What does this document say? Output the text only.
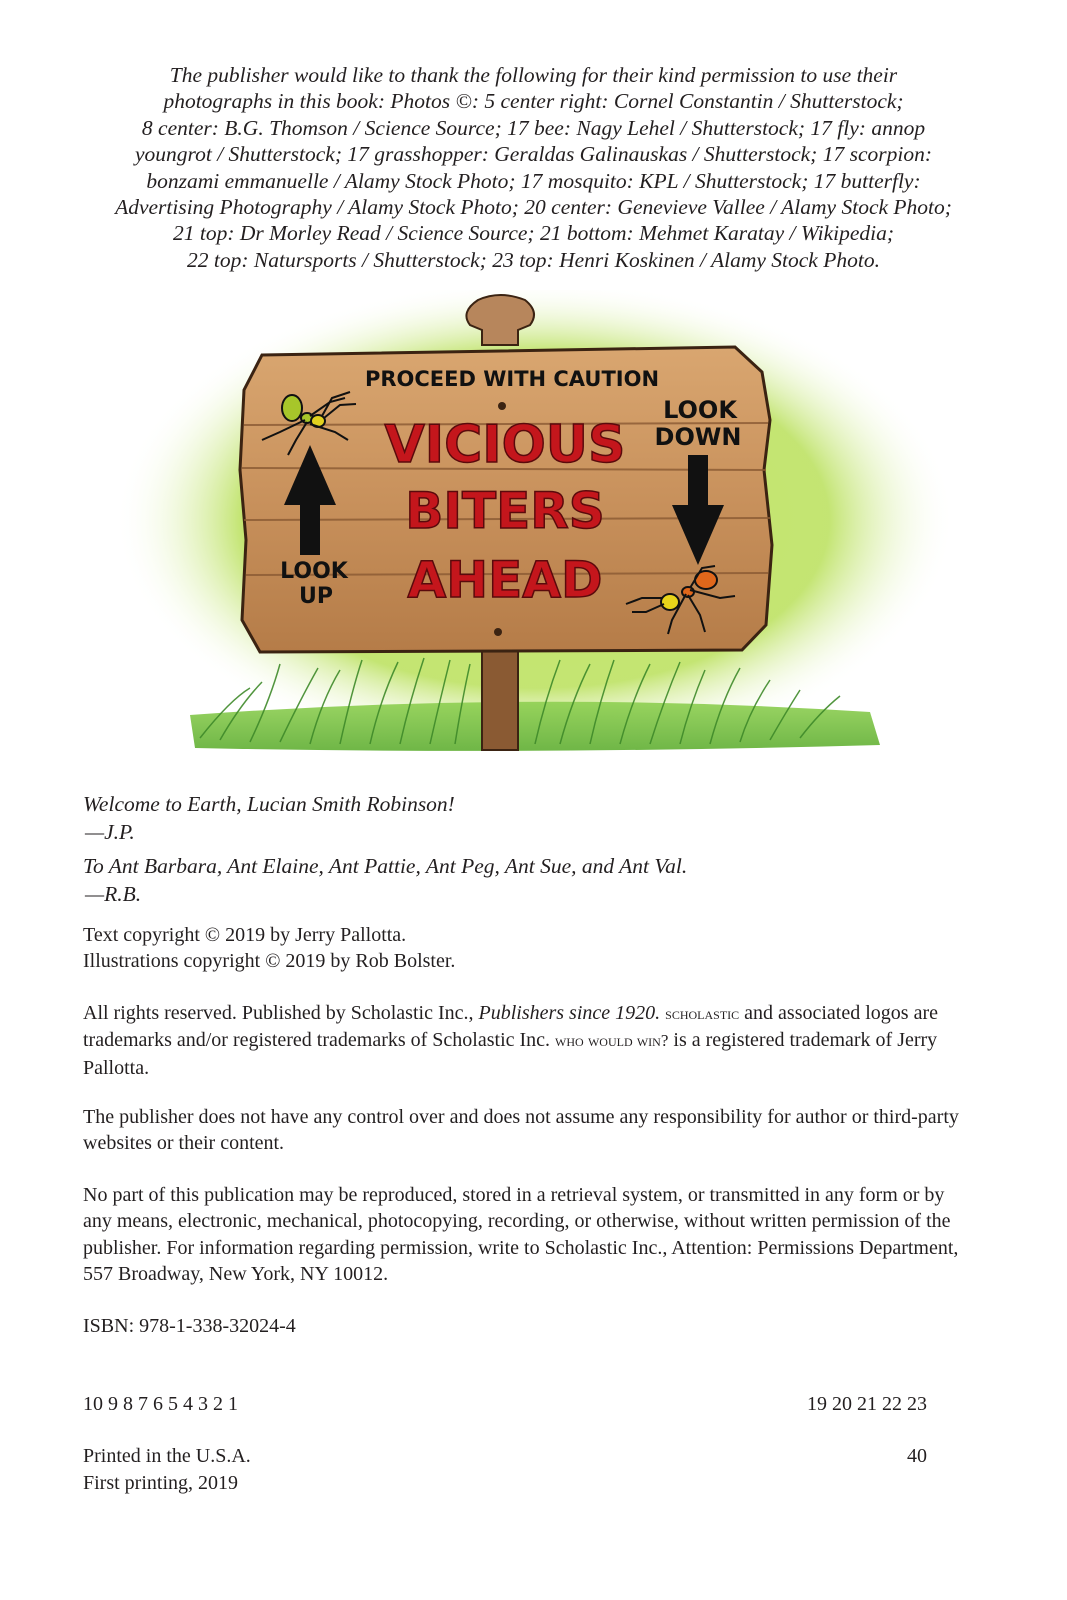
The publisher would like to thank the following for their kind permission to use their
photographs in this book: Photos ©: 5 center right: Cornel Constantin / Shutterstock;
8 center: B.G. Thomson / Science Source; 17 bee: Nagy Lehel / Shutterstock; 17 fly: annop
youngrot / Shutterstock; 17 grasshopper: Geraldas Galinauskas / Shutterstock; 17 scorpion:
bonzami emmanuelle / Alamy Stock Photo; 17 mosquito: KPL / Shutterstock; 17 butterfly:
Advertising Photography / Alamy Stock Photo; 20 center: Genevieve Vallee / Alamy Stock Photo;
21 top: Dr Morley Read / Science Source; 21 bottom: Mehmet Karatay / Wikipedia;
22 top: Natursports / Shutterstock; 23 top: Henri Koskinen / Alamy Stock Photo.
PROCEED WITH CAUTION
VICIOUS
BITERS
AHEAD
LOOK
UP
LOOK
DOWN
Welcome to Earth, Lucian Smith Robinson!
—J.P.
To Ant Barbara, Ant Elaine, Ant Pattie, Ant Peg, Ant Sue, and Ant Val.
—R.B.
Text copyright © 2019 by Jerry Pallotta.
Illustrations copyright © 2019 by Rob Bolster.
All rights reserved. Published by Scholastic Inc., Publishers since 1920. scholastic and associated logos are trademarks and/or registered trademarks of Scholastic Inc. who would win? is a registered trademark of Jerry Pallotta.
The publisher does not have any control over and does not assume any responsibility for author or third-party websites or their content.
No part of this publication may be reproduced, stored in a retrieval system, or transmitted in any form or by any means, electronic, mechanical, photocopying, recording, or otherwise, without written permission of the publisher. For information regarding permission, write to Scholastic Inc., Attention: Permissions Department, 557 Broadway, New York, NY 10012.
ISBN: 978-1-338-32024-4
10 9 8 7 6 5 4 3 2 1	19 20 21 22 23
Printed in the U.S.A.	40
First printing, 2019
